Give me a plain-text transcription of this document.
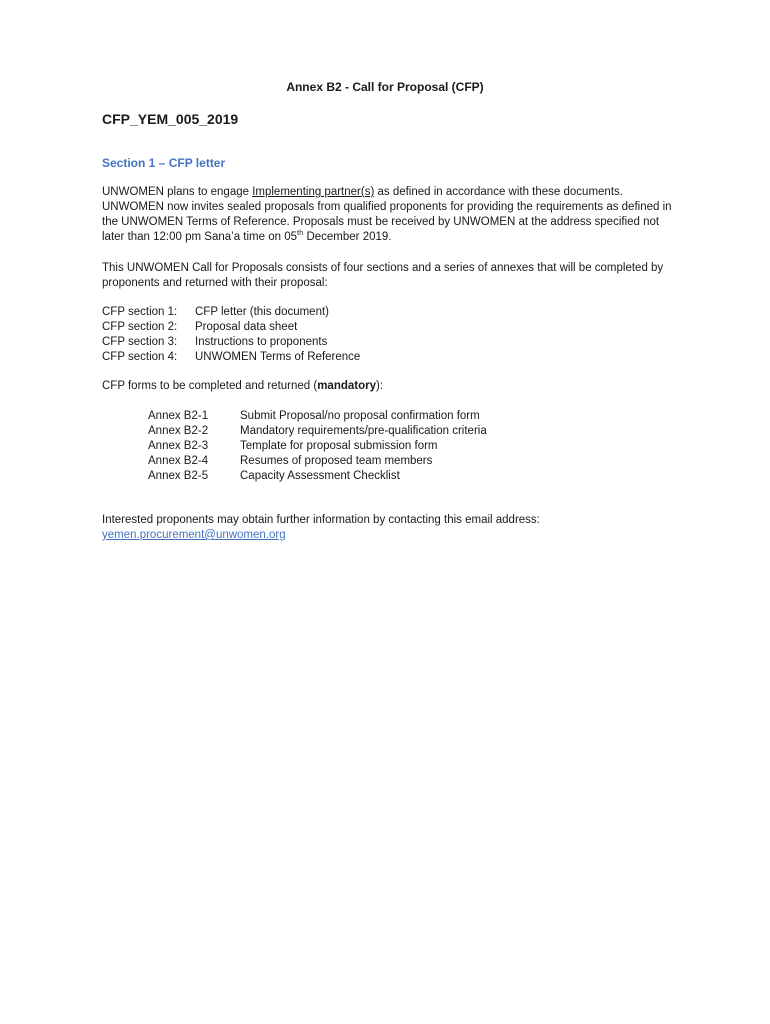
Annex B2 - Call for Proposal (CFP)
CFP_YEM_005_2019
Section 1 – CFP letter
UNWOMEN plans to engage Implementing partner(s) as defined in accordance with these documents. UNWOMEN now invites sealed proposals from qualified proponents for providing the requirements as defined in the UNWOMEN Terms of Reference. Proposals must be received by UNWOMEN at the address specified not later than 12:00 pm Sana’a time on 05th December 2019.
This UNWOMEN Call for Proposals consists of four sections and a series of annexes that will be completed by proponents and returned with their proposal:
CFP section 1:	CFP letter (this document)
CFP section 2:	Proposal data sheet
CFP section 3:	Instructions to proponents
CFP section 4:	UNWOMEN Terms of Reference
CFP forms to be completed and returned (mandatory):
Annex B2-1	Submit Proposal/no proposal confirmation form
Annex B2-2	Mandatory requirements/pre-qualification criteria
Annex B2-3	Template for proposal submission form
Annex B2-4	Resumes of proposed team members
Annex B2-5	Capacity Assessment Checklist
Interested proponents may obtain further information by contacting this email address:
yemen.procurement@unwomen.org
